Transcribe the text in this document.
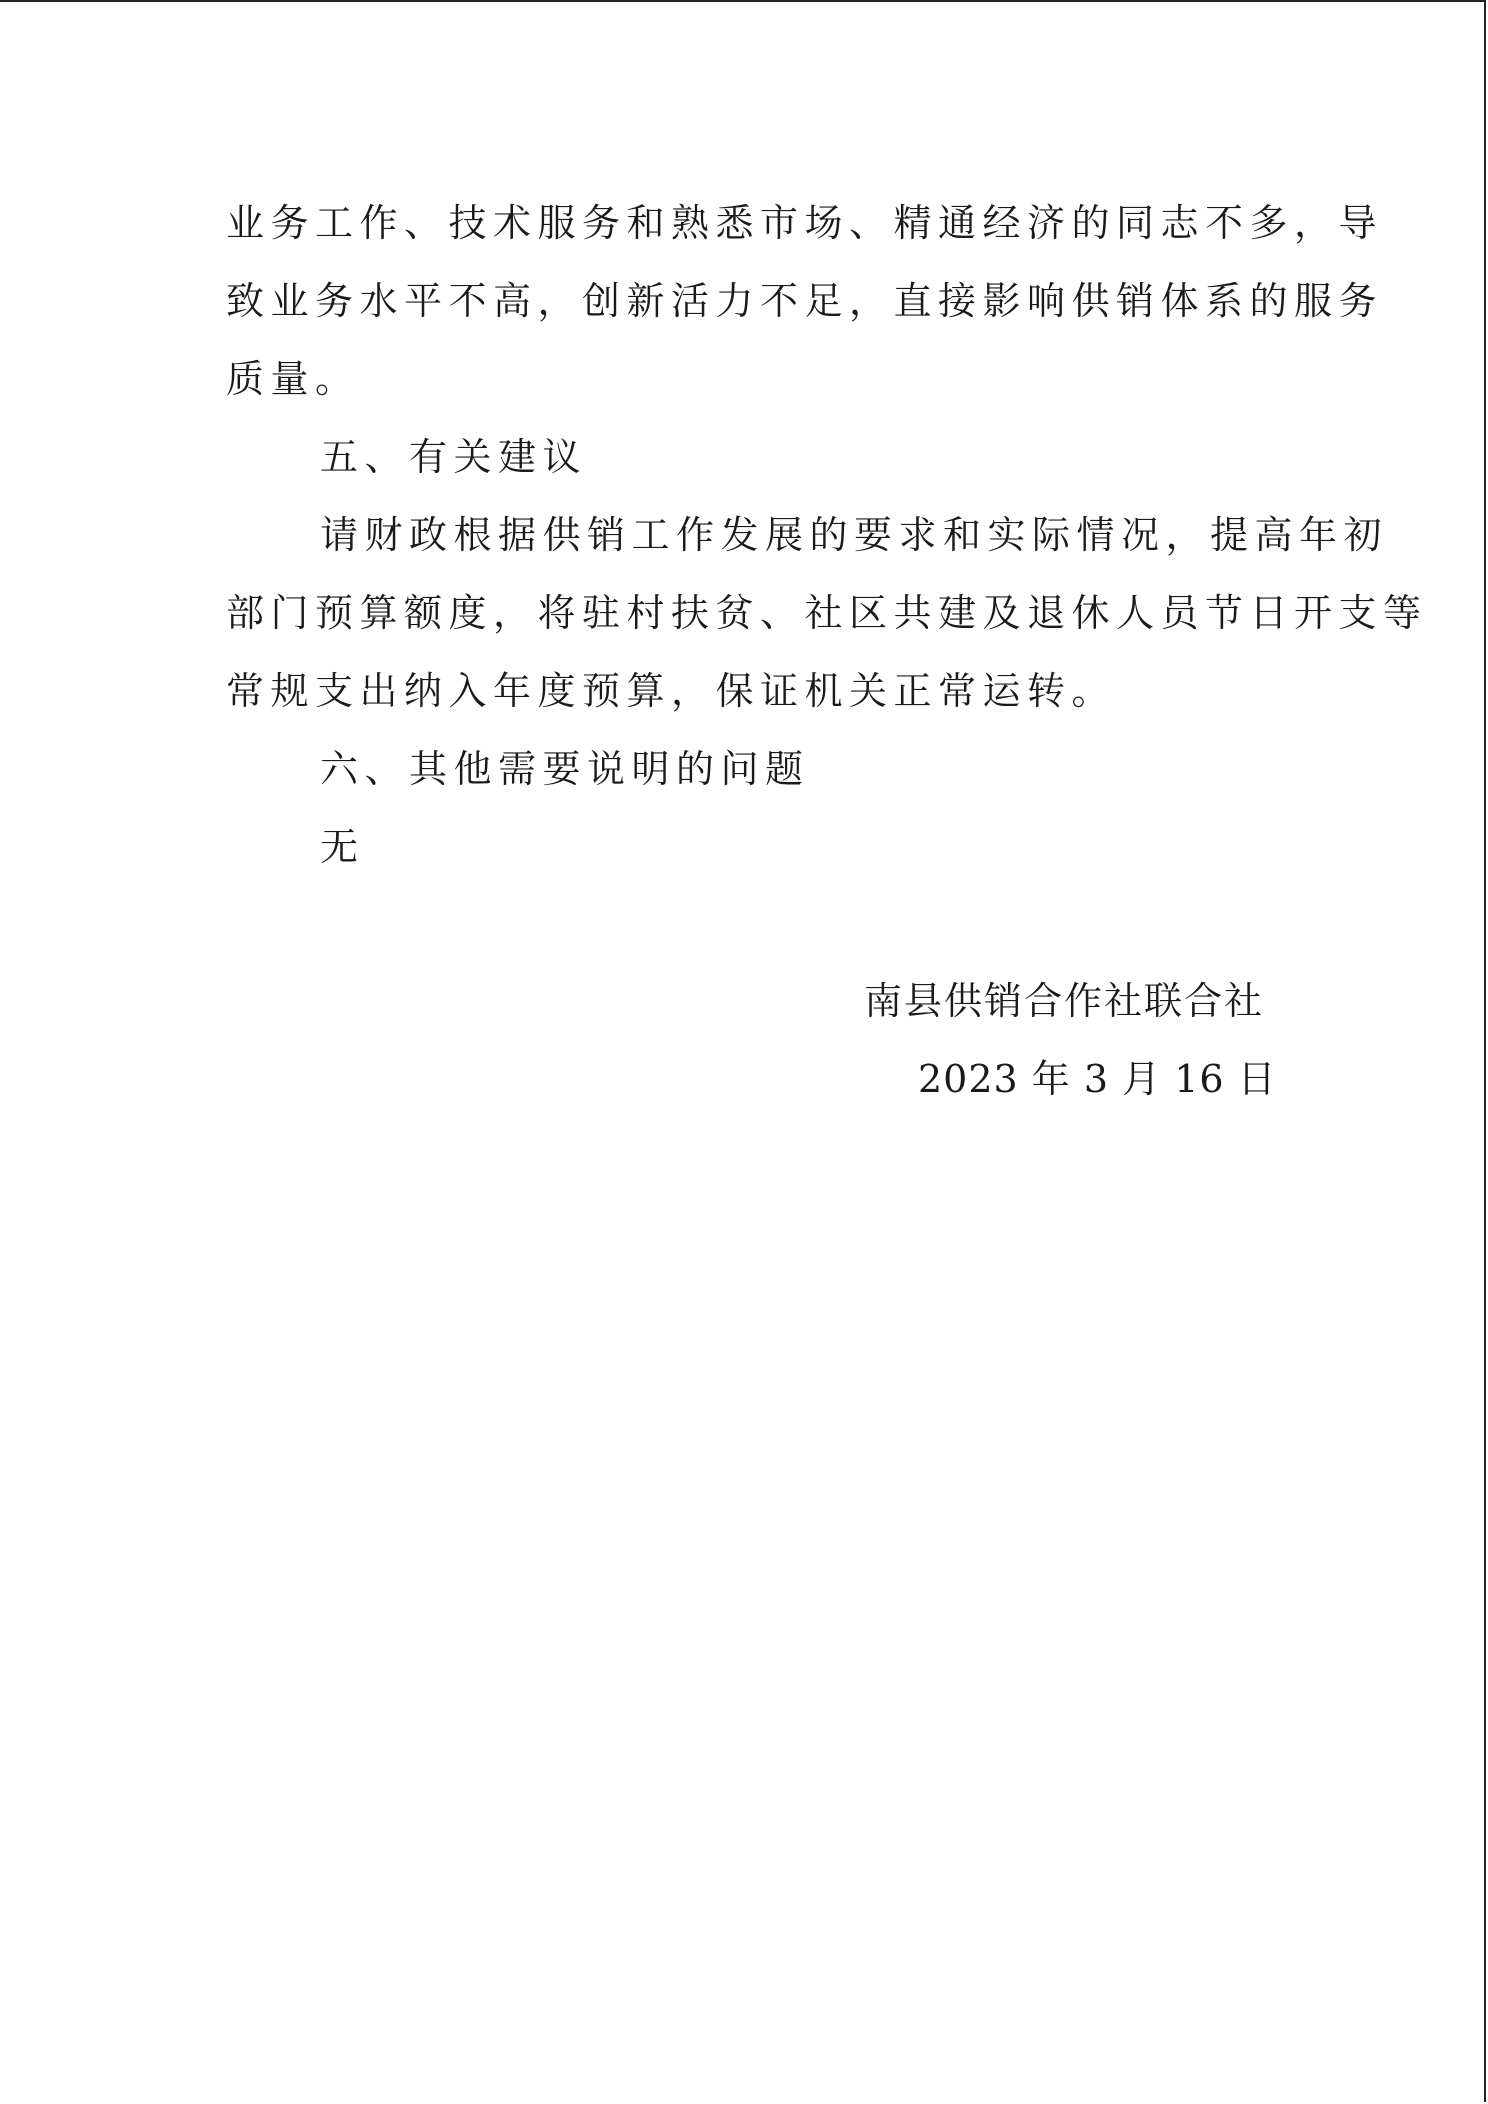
业务工作、技术服务和熟悉市场、精通经济的同志不多，导
致业务水平不高，创新活力不足，直接影响供销体系的服务
质量。
五、有关建议
请财政根据供销工作发展的要求和实际情况，提高年初
部门预算额度，将驻村扶贫、社区共建及退休人员节日开支等
常规支出纳入年度预算，保证机关正常运转。
六、其他需要说明的问题
无
南县供销合作社联合社
2023 年 3 月 16 日
